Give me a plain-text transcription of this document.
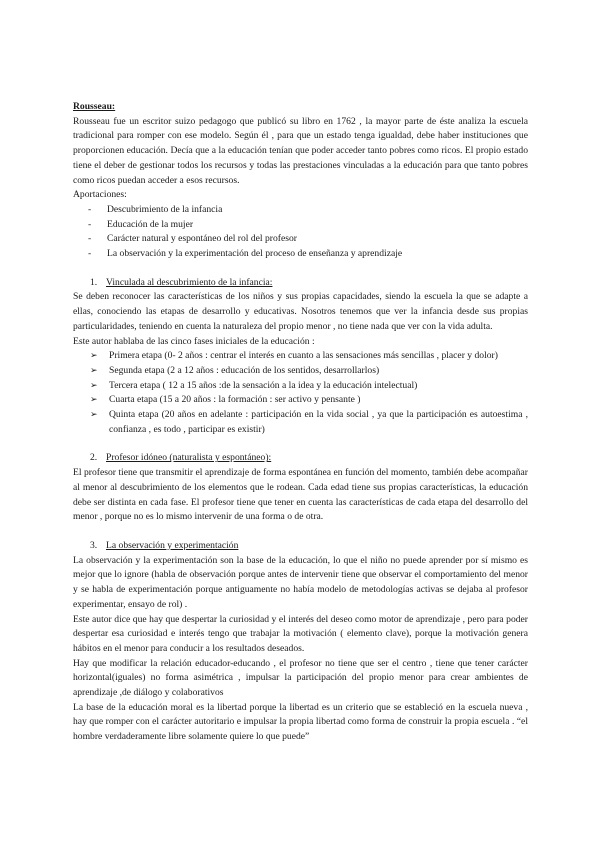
Rousseau:

Rousseau fue un escritor suizo pedagogo que publicó su libro en 1762 , la mayor parte de éste analiza la escuela tradicional para romper con ese modelo. Según él , para que un estado tenga igualdad, debe haber instituciones que proporcionen educación. Decía que a la educación tenían que poder acceder tanto pobres como ricos. El propio estado tiene el deber de gestionar todos los recursos y todas las prestaciones vinculadas a la educación para que tanto pobres como ricos puedan acceder a esos recursos.

Aportaciones:

- Descubrimiento de la infancia
- Educación de la mujer
- Carácter natural y espontáneo del rol del profesor
- La observación y la experimentación del proceso de enseñanza y aprendizaje

1. Vinculada al descubrimiento de la infancia:

Se deben reconocer las características de los niños y sus propias capacidades, siendo la escuela la que se adapte a ellas, conociendo las etapas de desarrollo y educativas. Nosotros tenemos que ver la infancia desde sus propias particularidades, teniendo en cuenta la naturaleza del propio menor , no tiene nada que ver con la vida adulta.

Este autor hablaba de las cinco fases iniciales de la educación :

➢ Primera etapa (0- 2 años : centrar el interés en cuanto a las sensaciones más sencillas , placer y dolor)
➢ Segunda etapa (2 a 12 años : educación de los sentidos, desarrollarlos)
➢ Tercera etapa ( 12 a 15 años :de la sensación a la idea y la educación intelectual)
➢ Cuarta etapa (15 a 20 años : la formación : ser activo y pensante )
➢ Quinta etapa (20 años en adelante : participación en la vida social , ya que la participación es autoestima , confianza , es todo , participar es existir)

2. Profesor idóneo (naturalista y espontáneo):

El profesor tiene que transmitir el aprendizaje de forma espontánea en función del momento, también debe acompañar al menor al descubrimiento de los elementos que le rodean. Cada edad tiene sus propias características, la educación debe ser distinta en cada fase. El profesor tiene que tener en cuenta las características de cada etapa del desarrollo del menor , porque no es lo mismo intervenir de una forma o de otra.

3. La observación y experimentación

La observación y la experimentación son la base de la educación, lo que el niño no puede aprender por sí mismo es mejor que lo ignore (habla de observación porque antes de intervenir tiene que observar el comportamiento del menor y se habla de experimentación porque antiguamente no había modelo de metodologías activas se dejaba al profesor experimentar, ensayo de rol) .

Este autor dice que hay que despertar la curiosidad y el interés del deseo como motor de aprendizaje , pero para poder despertar esa curiosidad e interés tengo que trabajar la motivación ( elemento clave), porque la motivación genera hábitos en el menor para conducir a los resultados deseados.

Hay que modificar la relación educador-educando , el profesor no tiene que ser el centro , tiene que tener carácter horizontal(iguales) no forma asimétrica , impulsar la participación del propio menor para crear ambientes de aprendizaje ,de diálogo y colaborativos

La base de la educación moral es la libertad porque la libertad es un criterio que se estableció en la escuela nueva , hay que romper con el carácter autoritario e impulsar la propia libertad como forma de construir la propia escuela . “el hombre verdaderamente libre solamente quiere lo que puede”
